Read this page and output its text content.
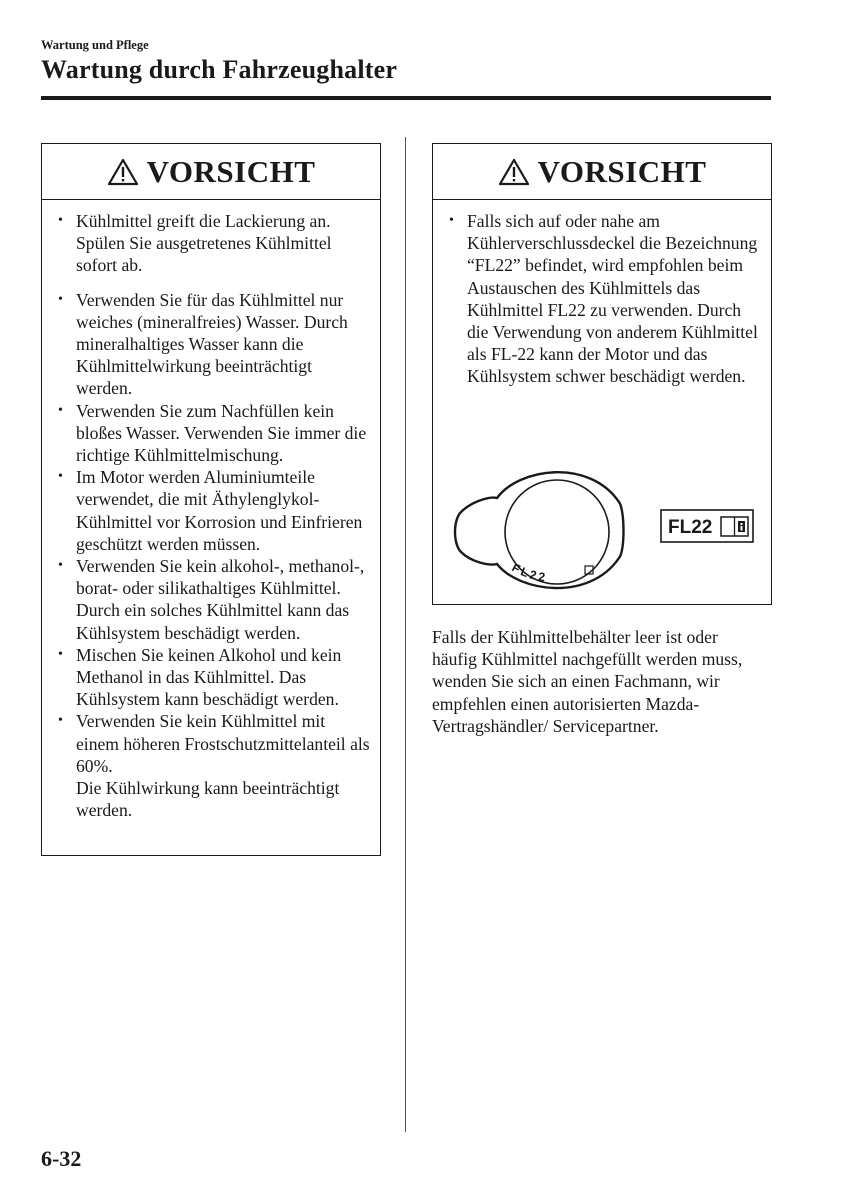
Wartung und Pflege
Wartung durch Fahrzeughalter
VORSICHT
• Kühlmittel greift die Lackierung an. Spülen Sie ausgetretenes Kühlmittel sofort ab.
• Verwenden Sie für das Kühlmittel nur weiches (mineralfreies) Wasser. Durch mineralhaltiges Wasser kann die Kühlmittelwirkung beeinträchtigt werden.
• Verwenden Sie zum Nachfüllen kein bloßes Wasser. Verwenden Sie immer die richtige Kühlmittelmischung.
• Im Motor werden Aluminiumteile verwendet, die mit Äthylenglykol-Kühlmittel vor Korrosion und Einfrieren geschützt werden müssen.
• Verwenden Sie kein alkohol-, methanol-, borat- oder silikathaltiges Kühlmittel.
Durch ein solches Kühlmittel kann das Kühlsystem beschädigt werden.
• Mischen Sie keinen Alkohol und kein Methanol in das Kühlmittel. Das Kühlsystem kann beschädigt werden.
• Verwenden Sie kein Kühlmittel mit einem höheren Frostschutzmittelanteil als 60%.
Die Kühlwirkung kann beeinträchtigt werden.
VORSICHT
• Falls sich auf oder nahe am Kühlerverschlussdeckel die Bezeichnung “FL22” befindet, wird empfohlen beim Austauschen des Kühlmittels das Kühlmittel FL22 zu verwenden. Durch die Verwendung von anderem Kühlmittel als FL-22 kann der Motor und das Kühlsystem schwer beschädigt werden.
FL22
FL22

Falls der Kühlmittelbehälter leer ist oder häufig Kühlmittel nachgefüllt werden muss, wenden Sie sich an einen Fachmann, wir empfehlen einen autorisierten Mazda-Vertragshändler/ Servicepartner.

6-32
